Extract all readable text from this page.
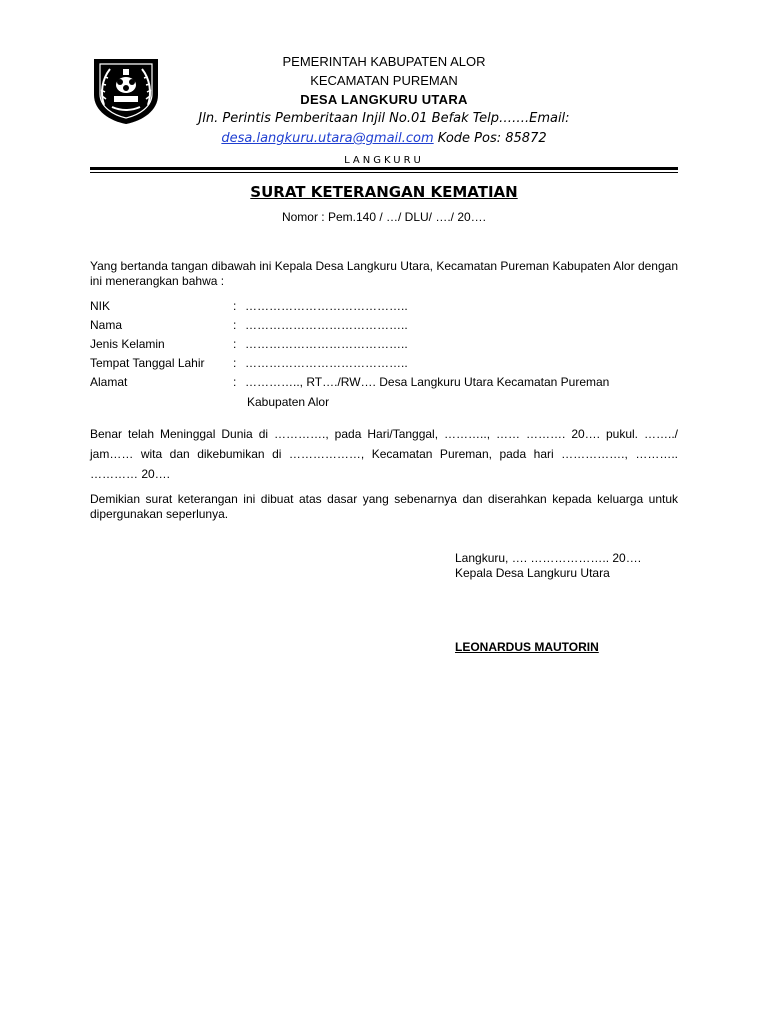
PEMERINTAH KABUPATEN ALOR
KECAMATAN PUREMAN
DESA LANGKURU UTARA
Jln. Perintis Pemberitaan Injil No.01 Befak Telp…….Email:
desa.langkuru.utara@gmail.com Kode Pos: 85872
LANGKURU
SURAT KETERANGAN KEMATIAN
Nomor : Pem.140 / …/ DLU/ …./ 20….
Yang bertanda tangan dibawah ini Kepala Desa Langkuru Utara, Kecamatan Pureman Kabupaten Alor dengan ini menerangkan bahwa :
NIK	: …………………………………..
Nama	: …………………………………..
Jenis Kelamin	: …………………………………..
Tempat Tanggal Lahir : …………………………………..
Alamat	: ………….., RT…./RW…. Desa Langkuru Utara Kecamatan Pureman
Kabupaten Alor
Benar telah Meninggal Dunia di …………., pada Hari/Tanggal, ……….., …… ………. 20…. pukul. ……../ jam…… wita dan dikebumikan di ………………, Kecamatan Pureman, pada hari ……………., ……….. ………… 20….
Demikian surat keterangan ini dibuat atas dasar yang sebenarnya dan diserahkan kepada keluarga untuk dipergunakan seperlunya.
Langkuru, …. ……………….. 20….
Kepala Desa Langkuru Utara
LEONARDUS MAUTORIN
